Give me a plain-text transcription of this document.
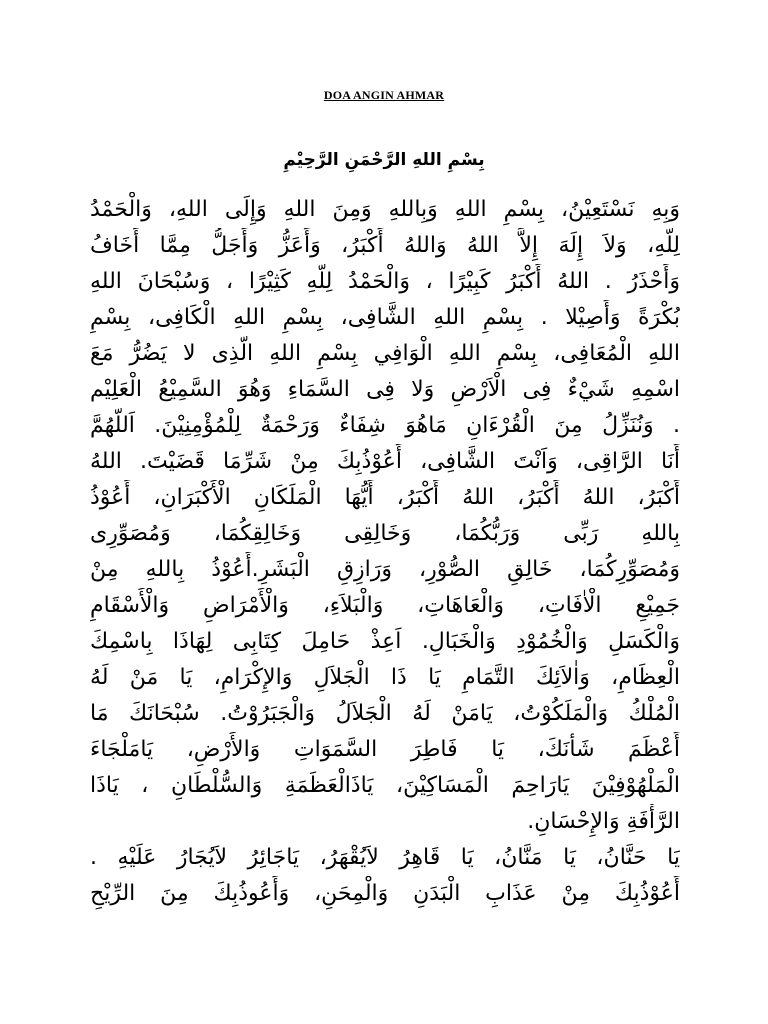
DOA ANGIN AHMAR
بِسْمِ اللهِ الرَّحْمَنِ الرَّحِيْمِ
وَبِهِ نَسْتَعِيْنُ، بِسْمِ اللهِ وَبِاللهِ وَمِنَ اللهِ وَإِلَى اللهِ، وَالْحَمْدُ
لِلَّهِ، وَلاَ إِلَهَ إِلاَّ اللهُ وَاللهُ أَكْبَرُ، وَأَعَزُّ وَأَجَلُّ مِمَّا أَخَافُ
وَأَحْذَرُ . اللهُ أَكْبَرُ كَبِيْرًا ، وَالْحَمْدُ لِلَّهِ كَثِيْرًا ، وَسُبْحَانَ اللهِ
بُكْرَةً وَأَصِيْلا . بِسْمِ اللهِ الشَّافِى، بِسْمِ اللهِ الْكَافِى، بِسْمِ
اللهِ الْمُعَافِى، بِسْمِ اللهِ الْوَافِي بِسْمِ اللهِ الَّذِى لا يَضُرُّ مَعَ
اسْمِهِ شَيْءٌ فِى الْاَرْضِ وَلا فِى السَّمَاءِ وَهُوَ السَّمِيْعُ الْعَلِيْم
. وَنُنَزِّلُ مِنَ الْقُرْءَانِ مَاهُوَ شِفَاءٌ وَرَحْمَةٌ لِلْمُؤْمِنِيْنَ. اَللَّهُمَّ
أَنَا الرَّاقِى، وَاَنْتَ الشَّافِى، أَعُوْذُبِكَ مِنْ شَرِّمَا قَضَيْتَ. اللهُ
أَكْبَرُ، اللهُ أَكْبَرُ، اللهُ أَكْبَرُ، أَيُّهَا الْمَلَكَانِ الْأَكْبَرَانِ، أَعُوْذُ
بِاللهِ رَبِّى وَرَبُّكُمَا، وَخَالِقِى وَخَالِقِكُمَا، وَمُصَوِّرِى
وَمُصَوِّرِكُمَا، خَالِقِ الصُّوْرِ، وَرَازِقِ الْبَشَرِ.أَعُوْذُ بِاللهِ مِنْ
جَمِيْعِ الْاٰفَاتِ، وَالْعَاهَاتِ، وَالْبَلاَءِ، وَالْأَمْرَاضِ وَالْأَسْقَامِ
وَالْكَسَلِ وَالْخُمُوْدِ وَالْخَبَالِ. اَعِذْ حَامِلَ كِتَابِى لِهَاذَا بِاسْمِكَ
الْعِظَامِ، وَاٰلاَئِكَ التَّمَامِ يَا ذَا الْجَلاَلِ وَالإِكْرَامِ، يَا مَنْ لَهُ
الْمُلْكُ وَالْمَلَكُوْتُ، يَامَنْ لَهُ الْجَلاَلُ وَالْجَبَرُوْتُ. سُبْحَانَكَ مَا
أَعْظَمَ شَأْنَكَ، يَا فَاطِرَ السَّمَوَاتِ وَالأَرْضِ، يَامَلْجَاءَ
الْمَلْهُوْفِيْنَ يَارَاحِمَ الْمَسَاكِيْنَ، يَاذَالْعَظَمَةِ وَالسُّلْطَانِ ، يَاذَا
الرَّأْفَةِ وَالإِحْسَانِ.
يَا حَنَّانُ، يَا مَنَّانُ، يَا قَاهِرُ لاَيُقْهَرُ، يَاجَائِرُ لاَيُجَارُ عَلَيْهِ .
أَعُوْذُبِكَ مِنْ عَذَابِ الْبَدَنِ وَالْمِحَنِ، وَأَعُوذُبِكَ مِنَ الرِّيْحِ
